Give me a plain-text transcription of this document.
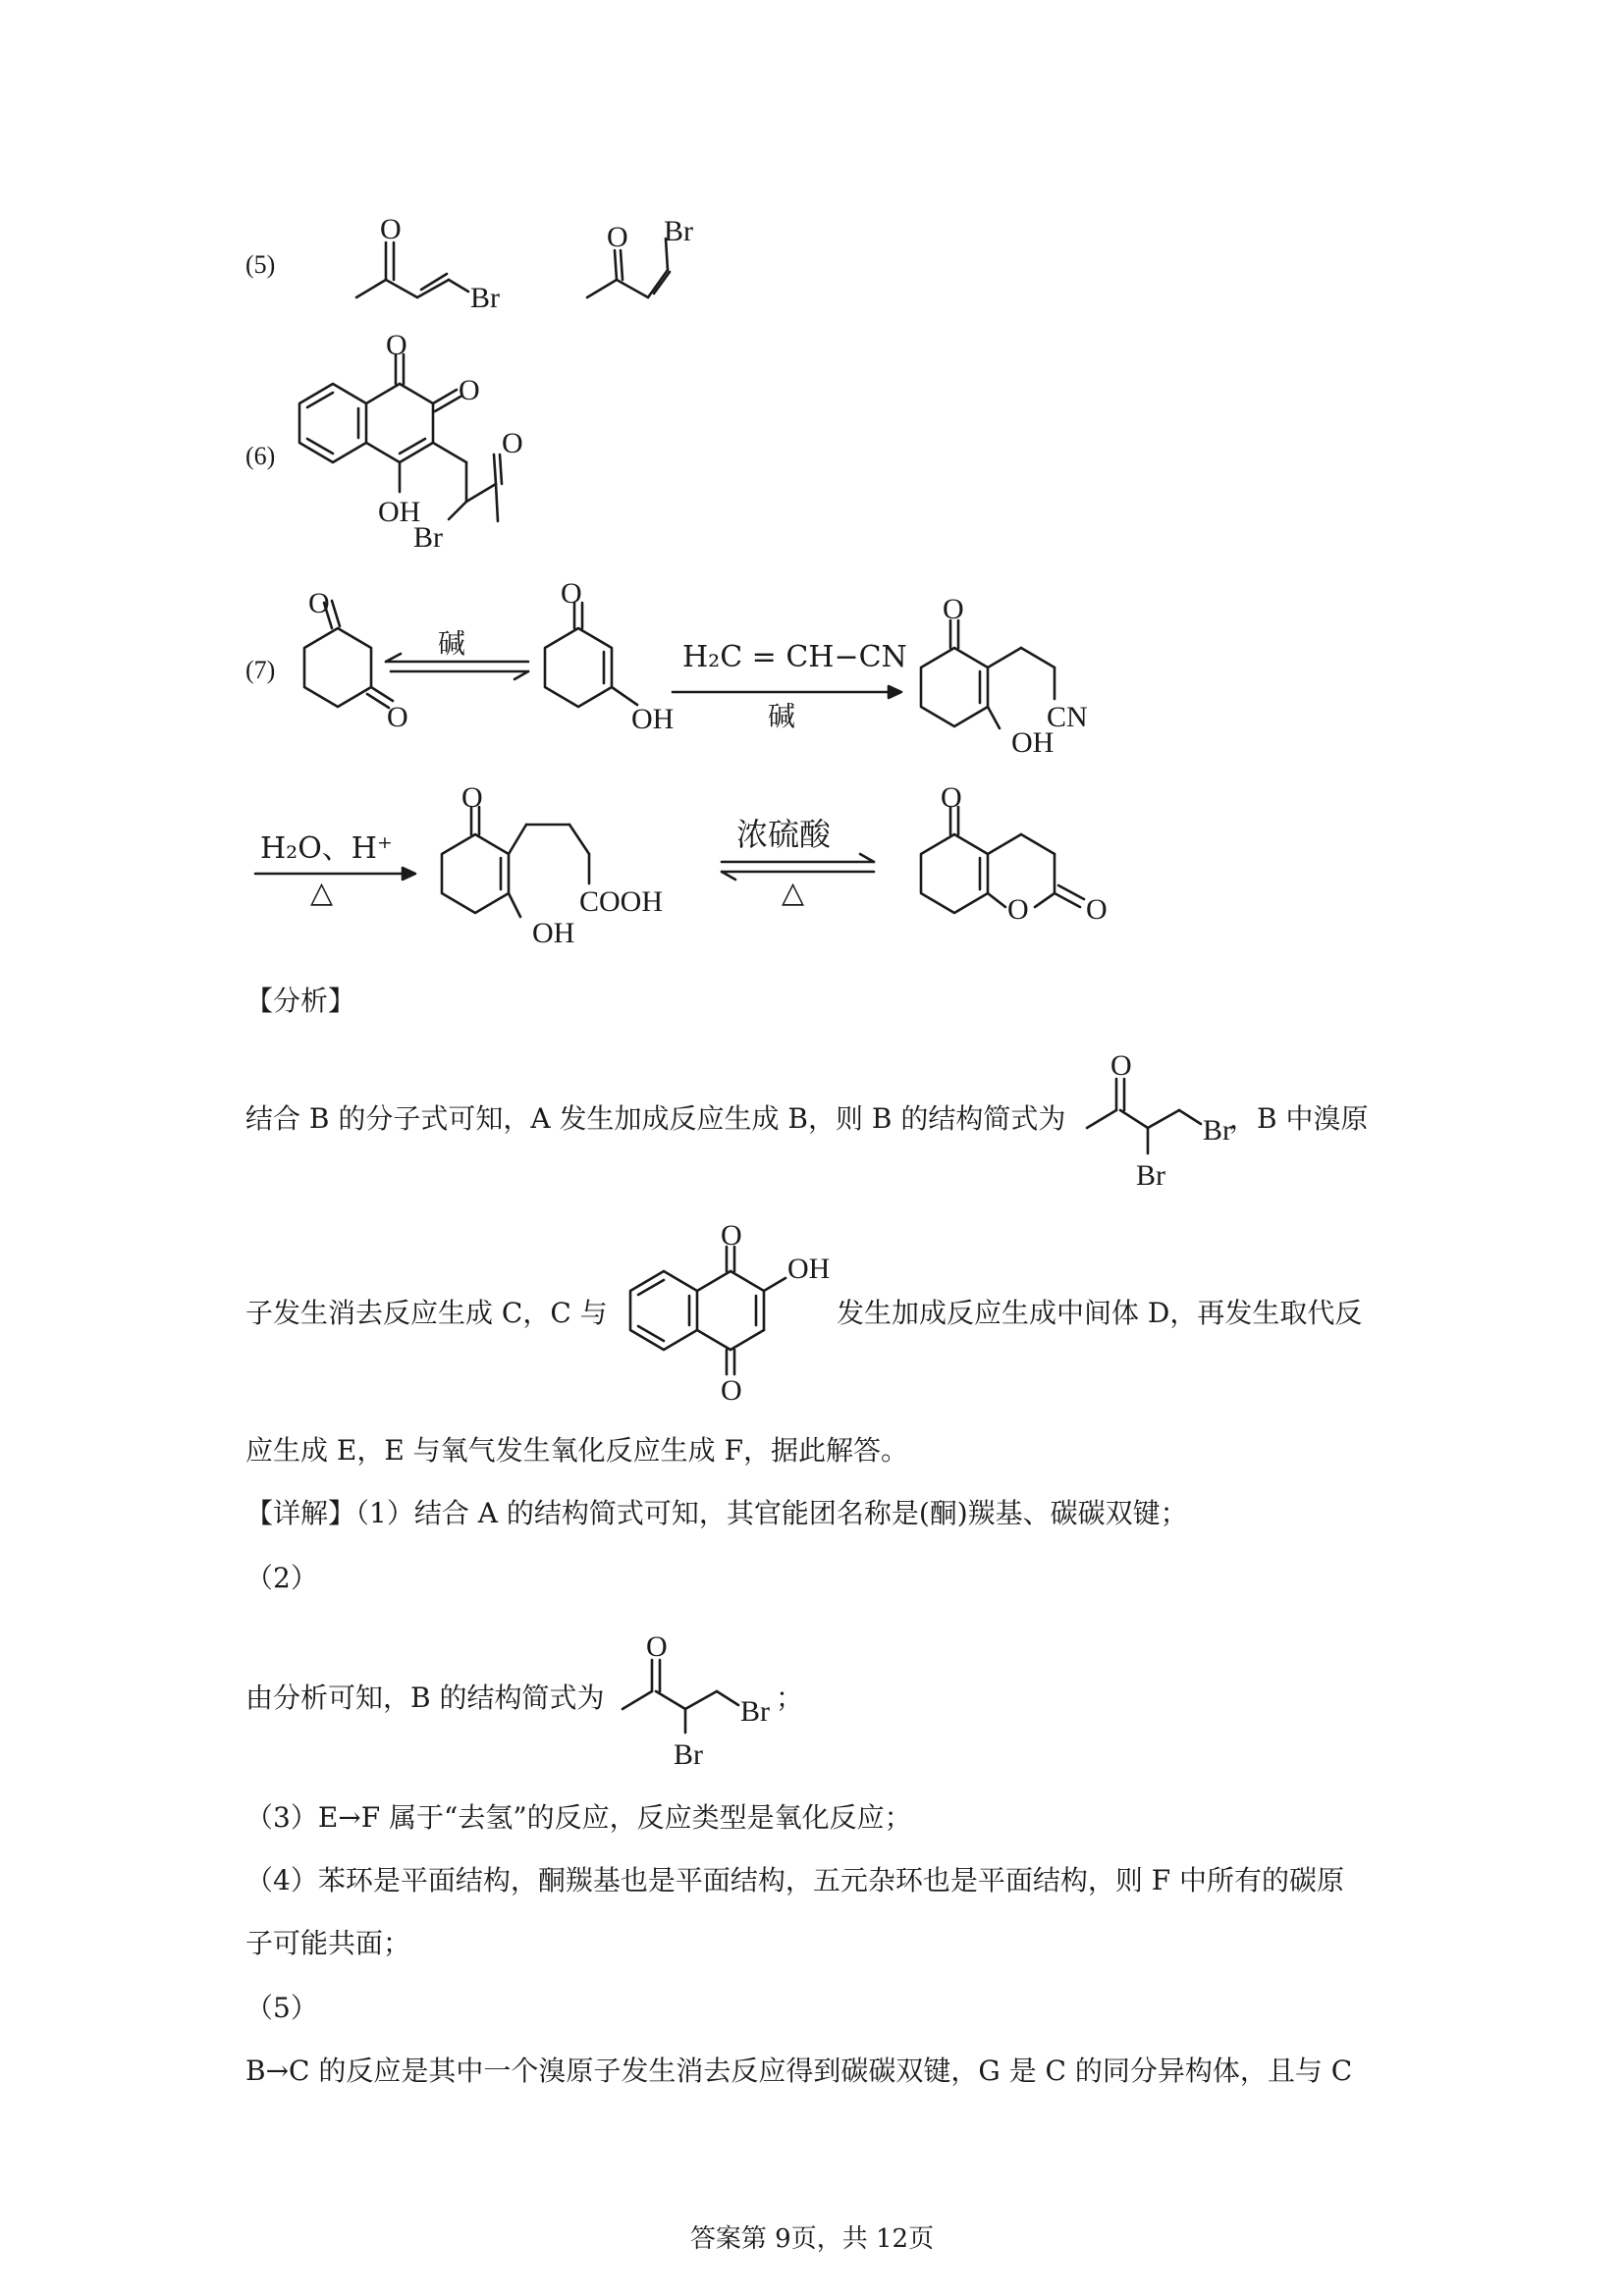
(5)
O
Br
O Br
(6)
O
O
OH
Br
O
(7)
O
O
碱
O
OH
H₂C = CH−CN
碱
O
OH
CN
H₂O、H⁺
△
O
OH
COOH
浓硫酸
△
O
O O
【分析】
结合 B 的分子式可知，A 发生加成反应生成 B，则 B 的结构简式为
O
Br
Br
，B 中溴原
子发生消去反应生成 C，C 与
O
O
OH
发生加成反应生成中间体 D，再发生取代反
应生成 E，E 与氧气发生氧化反应生成 F，据此解答。
【详解】（1）结合 A 的结构简式可知，其官能团名称是(酮)羰基、碳碳双键；
（2）
由分析可知，B 的结构简式为
O
Br
Br
；
（3）E→F 属于“去氢”的反应，反应类型是氧化反应；
（4）苯环是平面结构，酮羰基也是平面结构，五元杂环也是平面结构，则 F 中所有的碳原
子可能共面；
（5）
B→C 的反应是其中一个溴原子发生消去反应得到碳碳双键，G 是 C 的同分异构体，且与 C
答案第 9页，共 12页
